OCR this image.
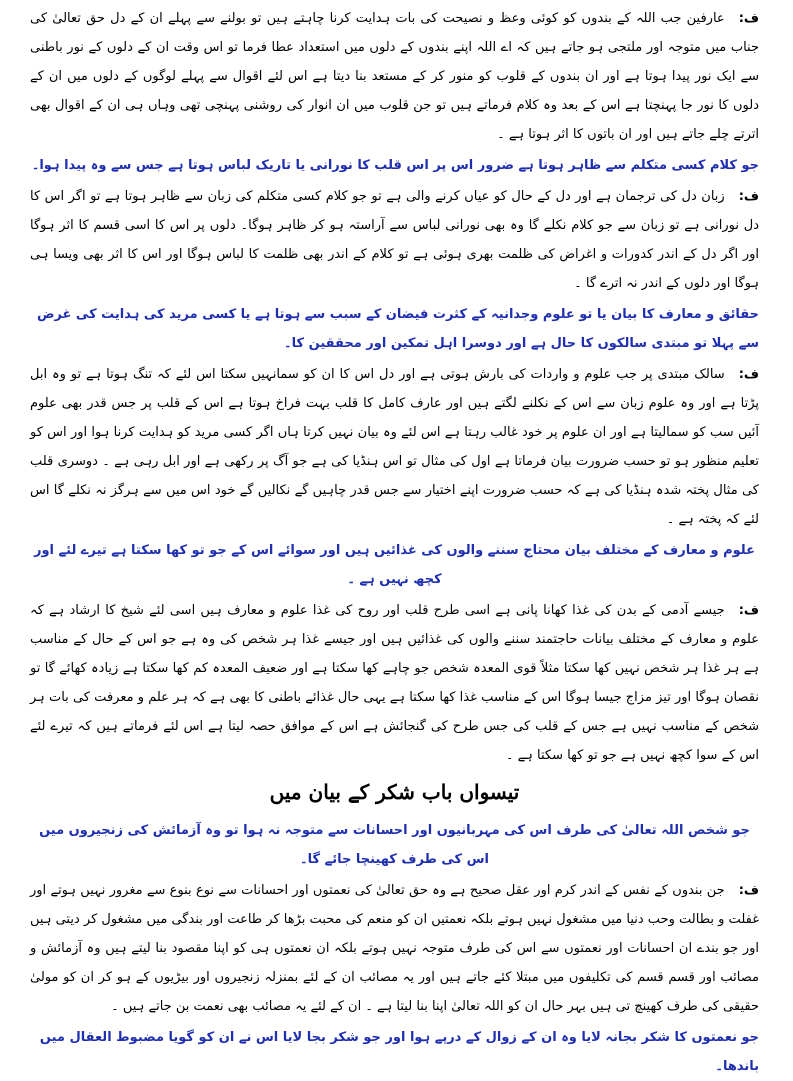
ف:عارفین جب اللہ کے بندوں کو کوئی وعظ و نصیحت کی بات ہدایت کرنا چاہتے ہیں تو بولنے سے پہلے ان کے دل حق تعالیٰ کی جناب میں متوجہ اور ملتجی ہو جاتے ہیں کہ اے اللہ اپنے بندوں کے دلوں میں استعداد عطا فرما تو اس وقت ان کے دلوں کے نور باطنی سے ایک نور پیدا ہوتا ہے اور ان بندوں کے قلوب کو منور کر کے مستعد بنا دیتا ہے اس لئے اقوال سے پہلے لوگوں کے دلوں میں ان کے دلوں کا نور جا پہنچتا ہے اس کے بعد وہ کلام فرماتے ہیں تو جن قلوب میں ان انوار کی روشنی پہنچی تھی وہاں ہی ان کے اقوال بھی اترتے چلے جاتے ہیں اور ان باتوں کا اثر ہوتا ہے ۔

جو کلام کسی متکلم سے ظاہر ہوتا ہے ضرور اس پر اس قلب کا نورانی یا تاریک لباس ہوتا ہے جس سے وہ پیدا ہوا۔

ف:زبان دل کی ترجمان ہے اور دل کے حال کو عیاں کرنے والی ہے تو جو کلام کسی متکلم کی زبان سے ظاہر ہوتا ہے تو اگر اس کا دل نورانی ہے تو زبان سے جو کلام نکلے گا وہ بھی نورانی لباس سے آراستہ ہو کر ظاہر ہوگا۔ دلوں پر اس کا اسی قسم کا اثر ہوگا اور اگر دل کے اندر کدورات و اغراض کی ظلمت بھری ہوئی ہے تو کلام کے اندر بھی ظلمت کا لباس ہوگا اور اس کا اثر بھی ویسا ہی ہوگا اور دلوں کے اندر نہ اترے گا ۔

حقائق و معارف کا بیان یا تو علوم وجدانیہ کے کثرت فیضان کے سبب سے ہوتا ہے یا کسی مرید کی ہدایت کی غرض سے پہلا تو مبتدی سالکوں کا حال ہے اور دوسرا اہل تمکین اور محققین کا۔

ف:سالک مبتدی پر جب علوم و واردات کی بارش ہوتی ہے اور دل اس کا ان کو سمانہیں سکتا اس لئے کہ تنگ ہوتا ہے تو وہ ابل پڑتا ہے اور وہ علوم زبان سے اس کے نکلنے لگتے ہیں اور عارف کامل کا قلب بہت فراخ ہوتا ہے اس کے قلب پر جس قدر بھی علوم آئیں سب کو سمالیتا ہے اور ان علوم پر خود غالب رہتا ہے اس لئے وہ بیان نہیں کرتا ہاں اگر کسی مرید کو ہدایت کرنا ہوا اور اس کو تعلیم منظور ہو تو حسب ضرورت بیان فرماتا ہے اول کی مثال تو اس ہنڈیا کی ہے جو آگ پر رکھی ہے اور ابل رہی ہے ۔ دوسری قلب کی مثال پختہ شدہ ہنڈیا کی ہے کہ حسب ضرورت اپنے اختیار سے جس قدر چاہیں گے نکالیں گے خود اس میں سے ہرگز نہ نکلے گا اس لئے کہ پختہ ہے ۔

علوم و معارف کے مختلف بیان محتاج سننے والوں کی غذائیں ہیں اور سوائے اس کے جو تو کھا سکتا ہے تیرے لئے اور کچھ نہیں ہے ۔

ف:جیسے آدمی کے بدن کی غذا کھانا پانی ہے اسی طرح قلب اور روح کی غذا علوم و معارف ہیں اسی لئے شیخ کا ارشاد ہے کہ علوم و معارف کے مختلف بیانات حاجتمند سننے والوں کی غذائیں ہیں اور جیسے غذا ہر شخص کی وہ ہے جو اس کے حال کے مناسب ہے ہر غذا ہر شخص نہیں کھا سکتا مثلاً قوی المعدہ شخص جو چاہے کھا سکتا ہے اور ضعیف المعدہ کم کھا سکتا ہے زیادہ کھائے گا تو نقصان ہوگا اور تیز مزاج جیسا ہوگا اس کے مناسب غذا کھا سکتا ہے یہی حال غذائے باطنی کا بھی ہے کہ ہر علم و معرفت کی بات ہر شخص کے مناسب نہیں ہے جس کے قلب کی جس طرح کی گنجائش ہے اس کے موافق حصہ لیتا ہے اس لئے فرماتے ہیں کہ تیرے لئے اس کے سوا کچھ نہیں ہے جو تو کھا سکتا ہے ۔

تیسواں باب شکر کے بیان میں

جو شخص اللہ تعالیٰ کی طرف اس کی مہربانیوں اور احسانات سے متوجہ نہ ہوا تو وہ آزمائش کی زنجیروں میں اس کی طرف کھینچا جائے گا۔

ف:جن بندوں کے نفس کے اندر کرم اور عقل صحیح ہے وہ حق تعالیٰ کی نعمتوں اور احسانات سے نوع بنوع سے مغرور نہیں ہوتے اور غفلت و بطالت وحب دنیا میں مشغول نہیں ہوتے بلکہ نعمتیں ان کو منعم کی محبت بڑھا کر طاعت اور بندگی میں مشغول کر دیتی ہیں اور جو بندے ان احسانات اور نعمتوں سے اس کی طرف متوجہ نہیں ہوتے بلکہ ان نعمتوں ہی کو اپنا مقصود بنا لیتے ہیں وہ آزمائش و مصائب اور قسم قسم کی تکلیفوں میں مبتلا کئے جاتے ہیں اور یہ مصائب ان کے لئے بمنزلہ زنجیروں اور بیڑیوں کے ہو کر ان کو مولیٰ حقیقی کی طرف کھینچ تی ہیں بہر حال ان کو اللہ تعالیٰ اپنا بنا لیتا ہے ۔ ان کے لئے یہ مصائب بھی نعمت بن جاتے ہیں ۔

جو نعمتوں کا شکر بجانہ لایا وہ ان کے زوال کے درپے ہوا اور جو شکر بجا لایا اس نے ان کو گویا مضبوط العقال میں باندھا۔
